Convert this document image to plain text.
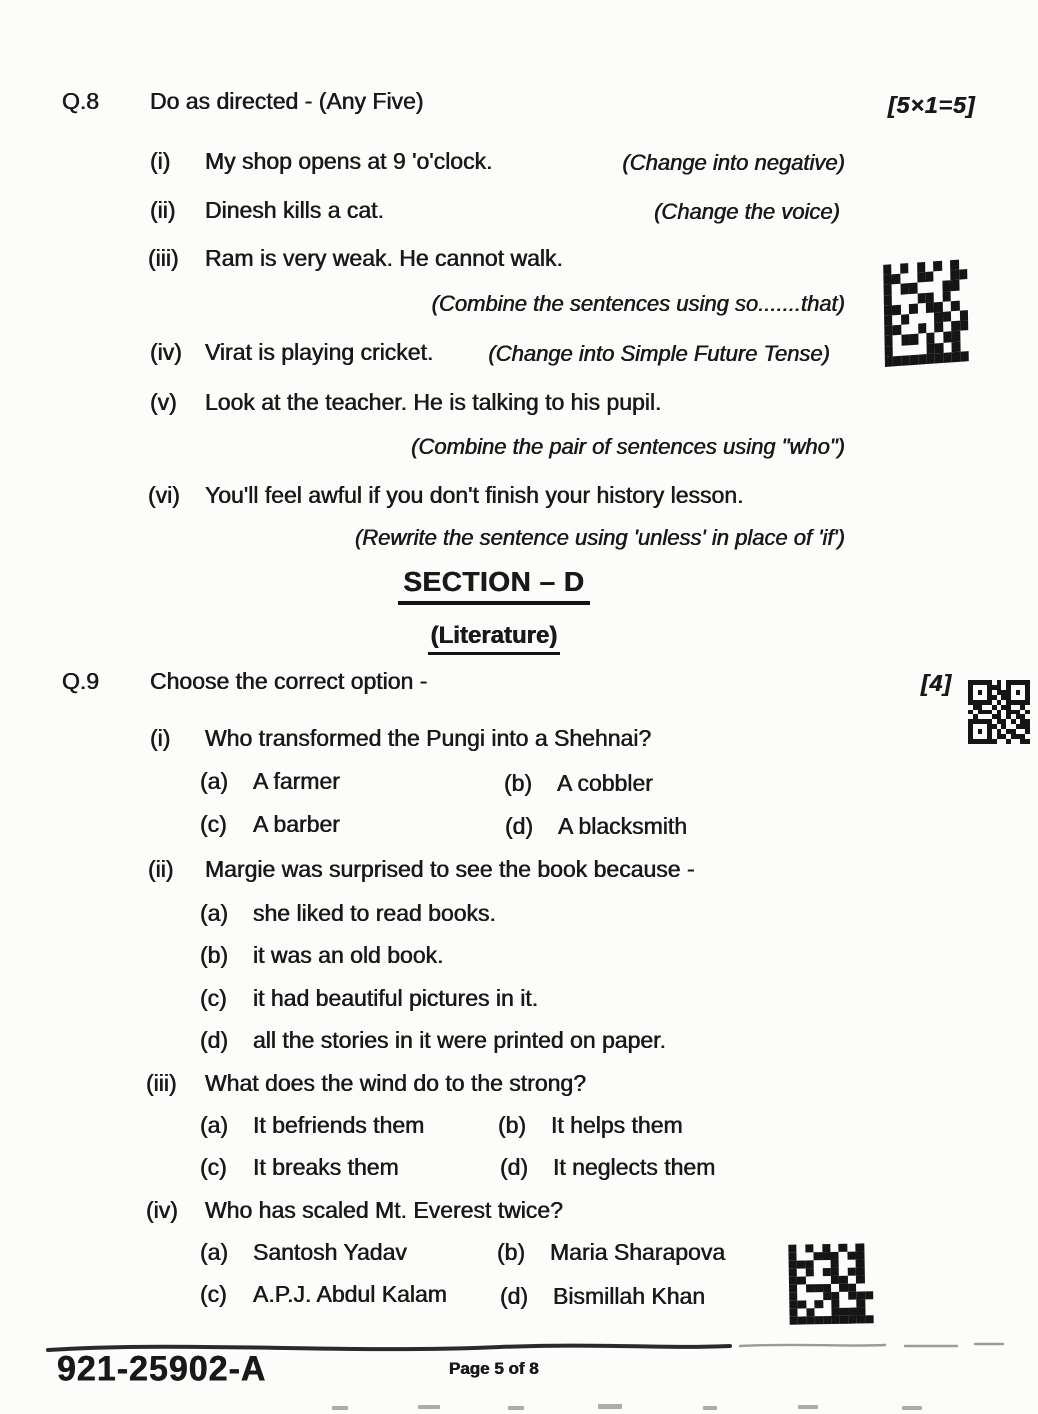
Q.8 Do as directed - (Any Five)	[5×1=5]
(i) My shop opens at 9 'o'clock.	(Change into negative)
(ii) Dinesh kills a cat.	(Change the voice)
(iii) Ram is very weak. He cannot walk.
(Combine the sentences using so.......that)
(iv) Virat is playing cricket.	(Change into Simple Future Tense)
(v) Look at the teacher. He is talking to his pupil.
(Combine the pair of sentences using "who")
(vi) You'll feel awful if you don't finish your history lesson.
(Rewrite the sentence using 'unless' in place of 'if')
SECTION – D
(Literature)
Q.9 Choose the correct option -	[4]
(i) Who transformed the Pungi into a Shehnai?
(a) A farmer	(b) A cobbler
(c) A barber	(d) A blacksmith
(ii) Margie was surprised to see the book because -
(a) she liked to read books.
(b) it was an old book.
(c) it had beautiful pictures in it.
(d) all the stories in it were printed on paper.
(iii) What does the wind do to the strong?
(a) It befriends them	(b) It helps them
(c) It breaks them	(d) It neglects them
(iv) Who has scaled Mt. Everest twice?
(a) Santosh Yadav	(b) Maria Sharapova
(c) A.P.J. Abdul Kalam (d) Bismillah Khan
921-25902-A	Page 5 of 8
